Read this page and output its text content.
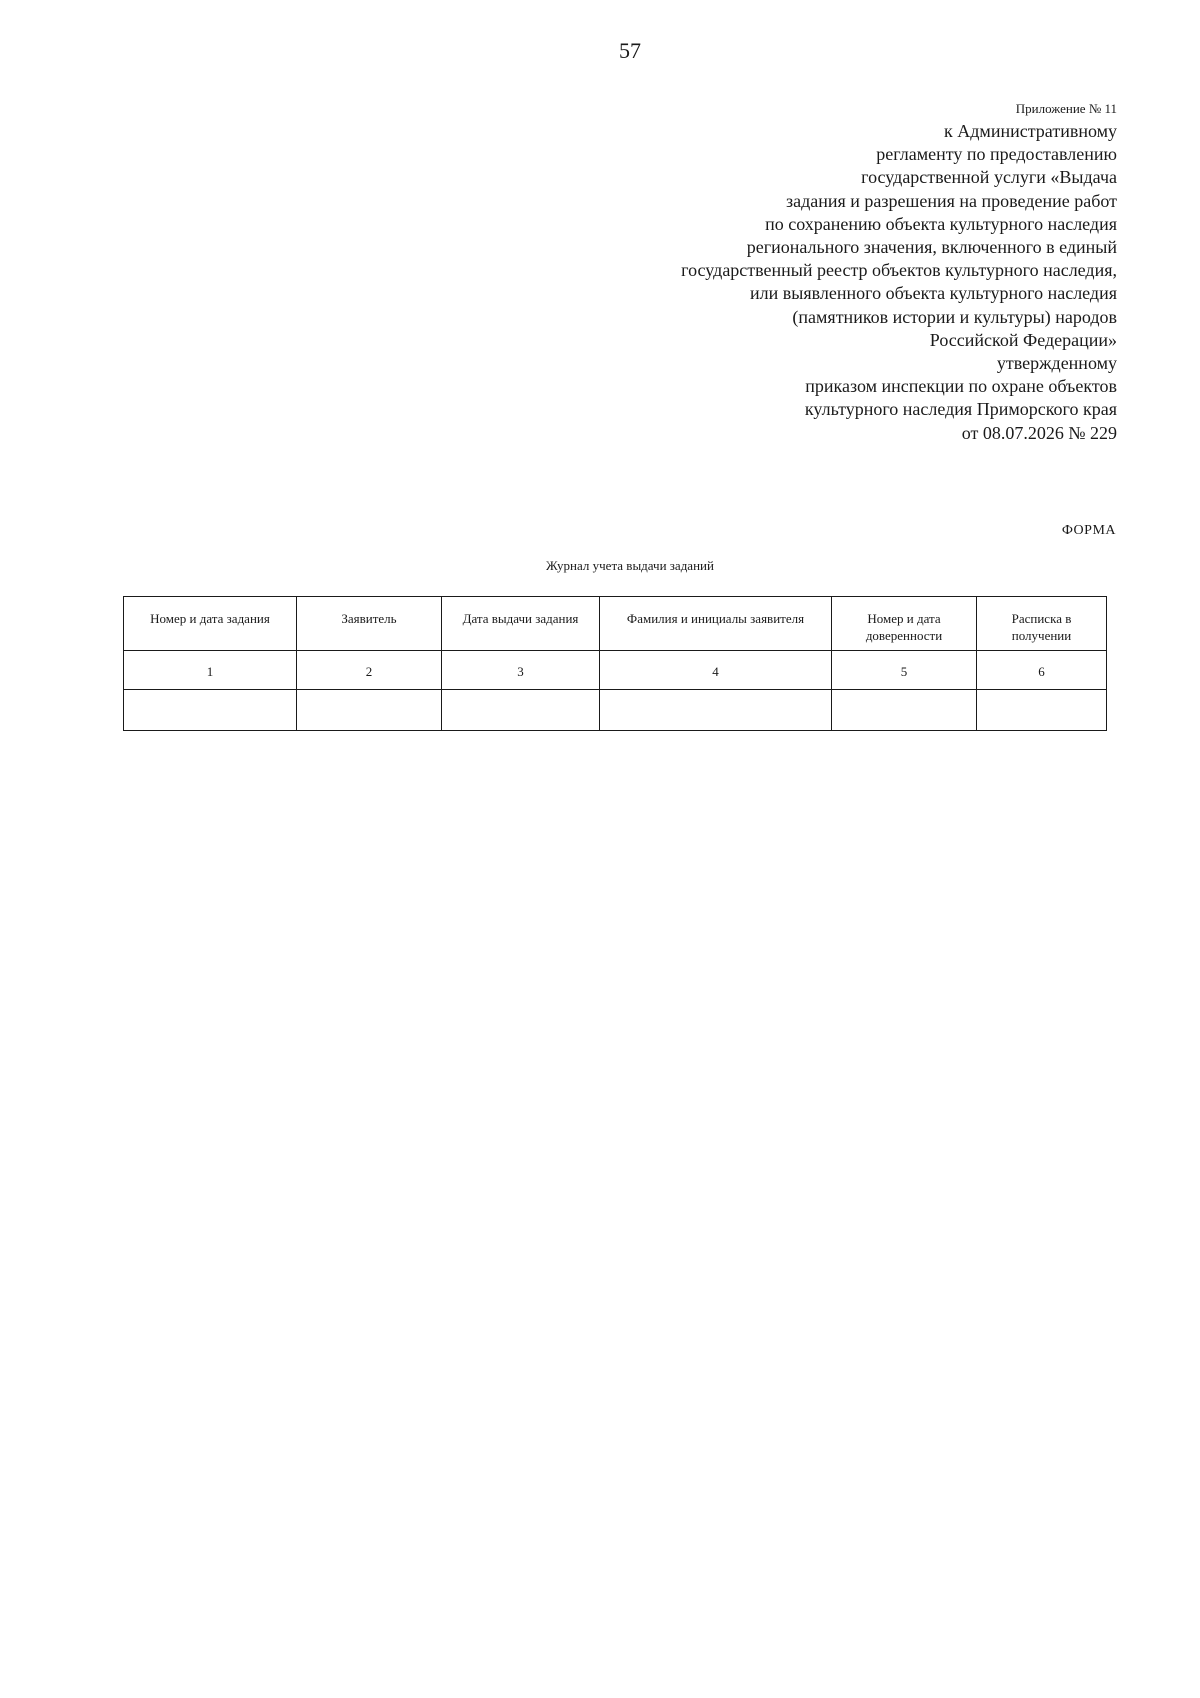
57
Приложение № 11
к Административному
регламенту по предоставлению
государственной услуги «Выдача
задания и разрешения на проведение работ
по сохранению объекта культурного наследия
регионального значения, включенного в единый
государственный реестр объектов культурного наследия,
или выявленного объекта культурного наследия
(памятников истории и культуры) народов
Российской Федерации»
утвержденному
приказом инспекции по охране объектов
культурного наследия Приморского края
от 08.07.2026 № 229
ФОРМА
Журнал учета выдачи заданий
Номер и дата задания	Заявитель	Дата выдачи задания	Фамилия и инициалы заявителя	Номер и дата доверенности	Расписка в получении
1	2	3	4	5	6
